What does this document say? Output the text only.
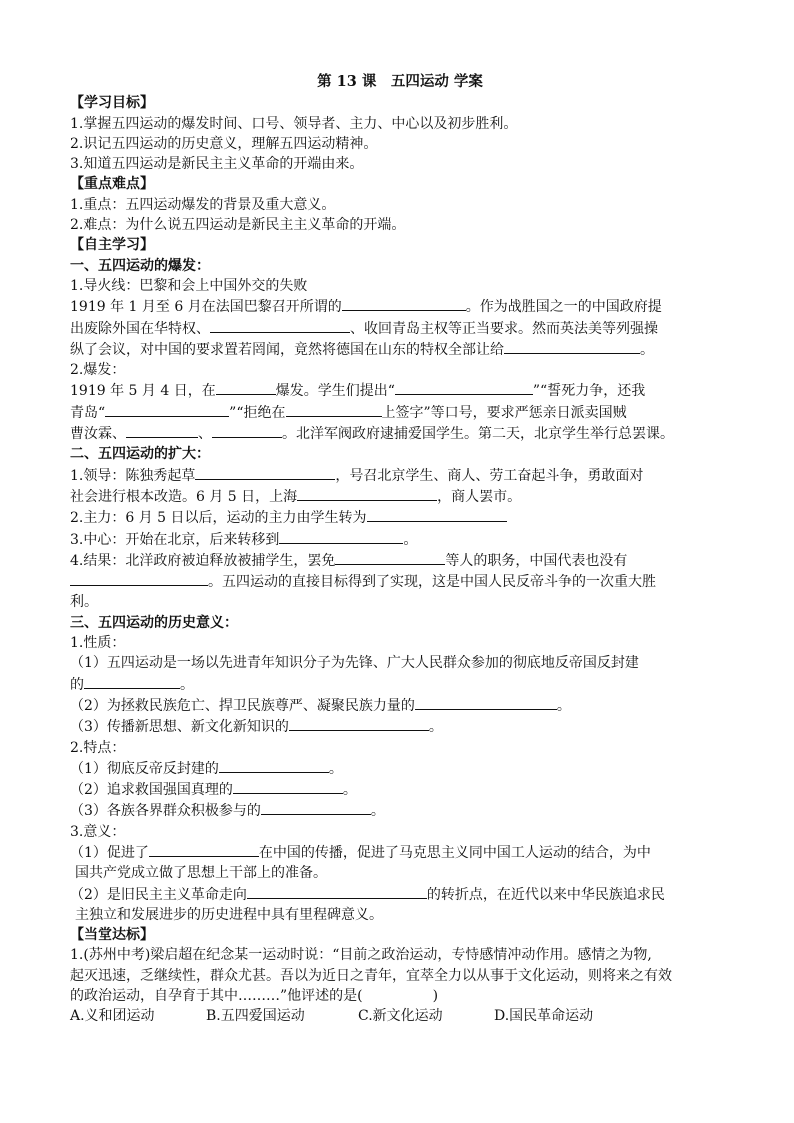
第 13 课　五四运动 学案

【学习目标】

1.掌握五四运动的爆发时间、口号、领导者、主力、中心以及初步胜利。

2.识记五四运动的历史意义，理解五四运动精神。

3.知道五四运动是新民主主义革命的开端由来。

【重点难点】

1.重点：五四运动爆发的背景及重大意义。

2.难点：为什么说五四运动是新民主主义革命的开端。

【自主学习】

一、五四运动的爆发：

1.导火线：巴黎和会上中国外交的失败

1919 年 1 月至 6 月在法国巴黎召开所谓的	。作为战胜国之一的中国政府提

出废除外国在华特权、	、收回青岛主权等正当要求。然而英法美等列强操

纵了会议，对中国的要求置若罔闻，竟然将德国在山东的特权全部让给	。

2.爆发：

1919 年 5 月 4 日，在	爆发。学生们提出“	”“誓死力争，还我

青岛“	”“拒绝在	上签字”等口号，要求严惩亲日派卖国贼

曹汝霖、	、	。北洋军阀政府逮捕爱国学生。第二天，北京学生举行总罢课。

二、五四运动的扩大：

1.领导：陈独秀起草	，号召北京学生、商人、劳工奋起斗争，勇敢面对

社会进行根本改造。6 月 5 日，上海	，商人罢市。

2.主力：6 月 5 日以后，运动的主力由学生转为

3.中心：开始在北京，后来转移到	。

4.结果：北洋政府被迫释放被捕学生，罢免	等人的职务，中国代表也没有

。五四运动的直接目标得到了实现，这是中国人民反帝斗争的一次重大胜

利。

三、五四运动的历史意义：

1.性质：

（1）五四运动是一场以先进青年知识分子为先锋、广大人民群众参加的彻底地反帝国反封建

的	。

（2）为拯救民族危亡、捍卫民族尊严、凝聚民族力量的	。

（3）传播新思想、新文化新知识的	。

2.特点：

（1）彻底反帝反封建的	。

（2）追求救国强国真理的	。

（3）各族各界群众积极参与的	。

3.意义：

（1）促进了	在中国的传播，促进了马克思主义同中国工人运动的结合，为中

国共产党成立做了思想上干部上的准备。

（2）是旧民主主义革命走向	的转折点，在近代以来中华民族追求民

主独立和发展进步的历史进程中具有里程碑意义。

【当堂达标】

1.(苏州中考)梁启超在纪念某一运动时说：“目前之政治运动，专恃感情冲动作用。感情之为物,

起灭迅速，乏继续性，群众尤甚。吾以为近日之青年，宜萃全力以从事于文化运动，则将来之有效

的政治运动，自孕育于其中………”他评述的是(　　　　　)

A.义和团运动	B.五四爱国运动	C.新文化运动	D.国民革命运动
